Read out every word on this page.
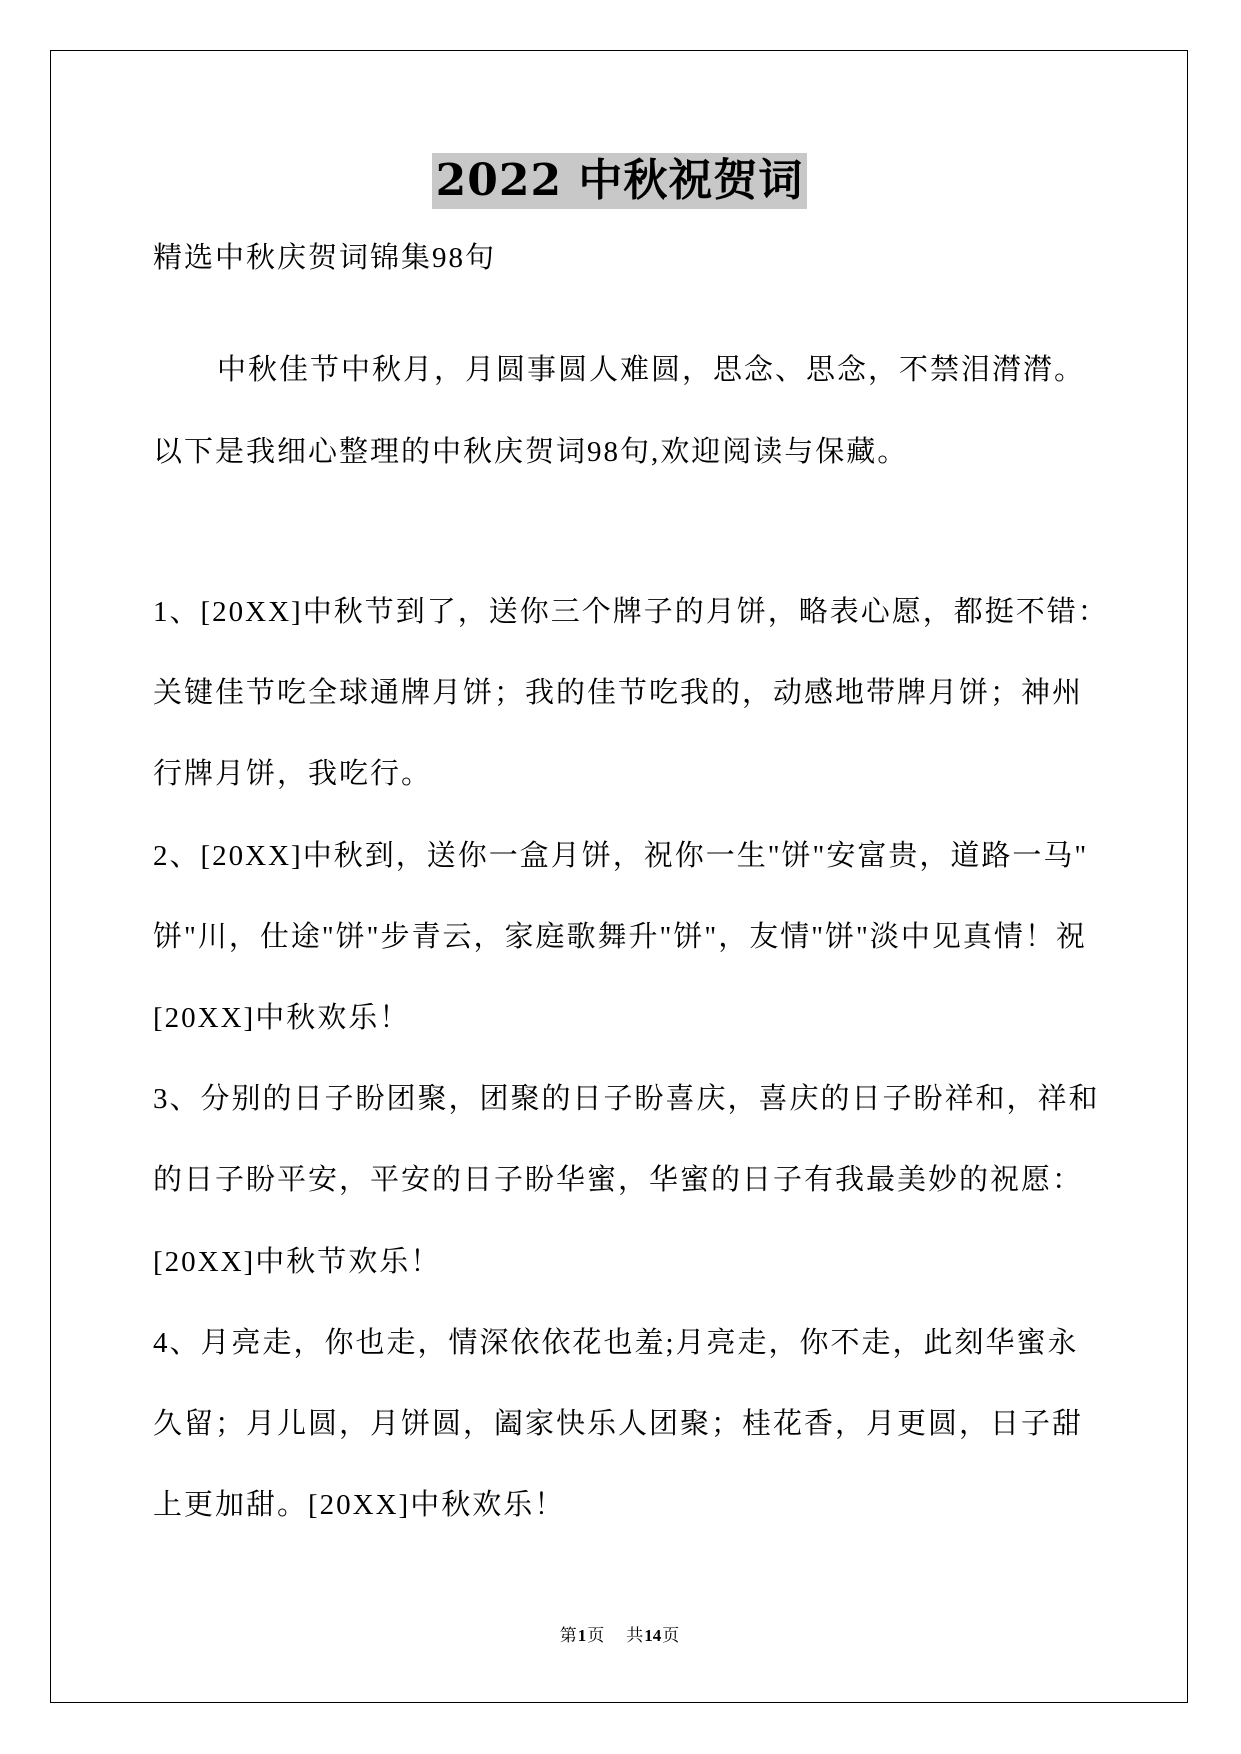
2022 中秋祝贺词
精选中秋庆贺词锦集98句
中秋佳节中秋月，月圆事圆人难圆，思念、思念，不禁泪潸潸。
以下是我细心整理的中秋庆贺词98句,欢迎阅读与保藏。
1、[20XX]中秋节到了，送你三个牌子的月饼，略表心愿，都挺不错：
关键佳节吃全球通牌月饼；我的佳节吃我的，动感地带牌月饼；神州
行牌月饼，我吃行。
2、[20XX]中秋到，送你一盒月饼，祝你一生"饼"安富贵，道路一马"
饼"川，仕途"饼"步青云，家庭歌舞升"饼"，友情"饼"淡中见真情！祝
[20XX]中秋欢乐！
3、分别的日子盼团聚，团聚的日子盼喜庆，喜庆的日子盼祥和，祥和
的日子盼平安，平安的日子盼华蜜，华蜜的日子有我最美妙的祝愿：
[20XX]中秋节欢乐！
4、月亮走，你也走，情深依依花也羞;月亮走，你不走，此刻华蜜永
久留；月儿圆，月饼圆，阖家快乐人团聚；桂花香，月更圆，日子甜
上更加甜。[20XX]中秋欢乐！
第1页 共14页
